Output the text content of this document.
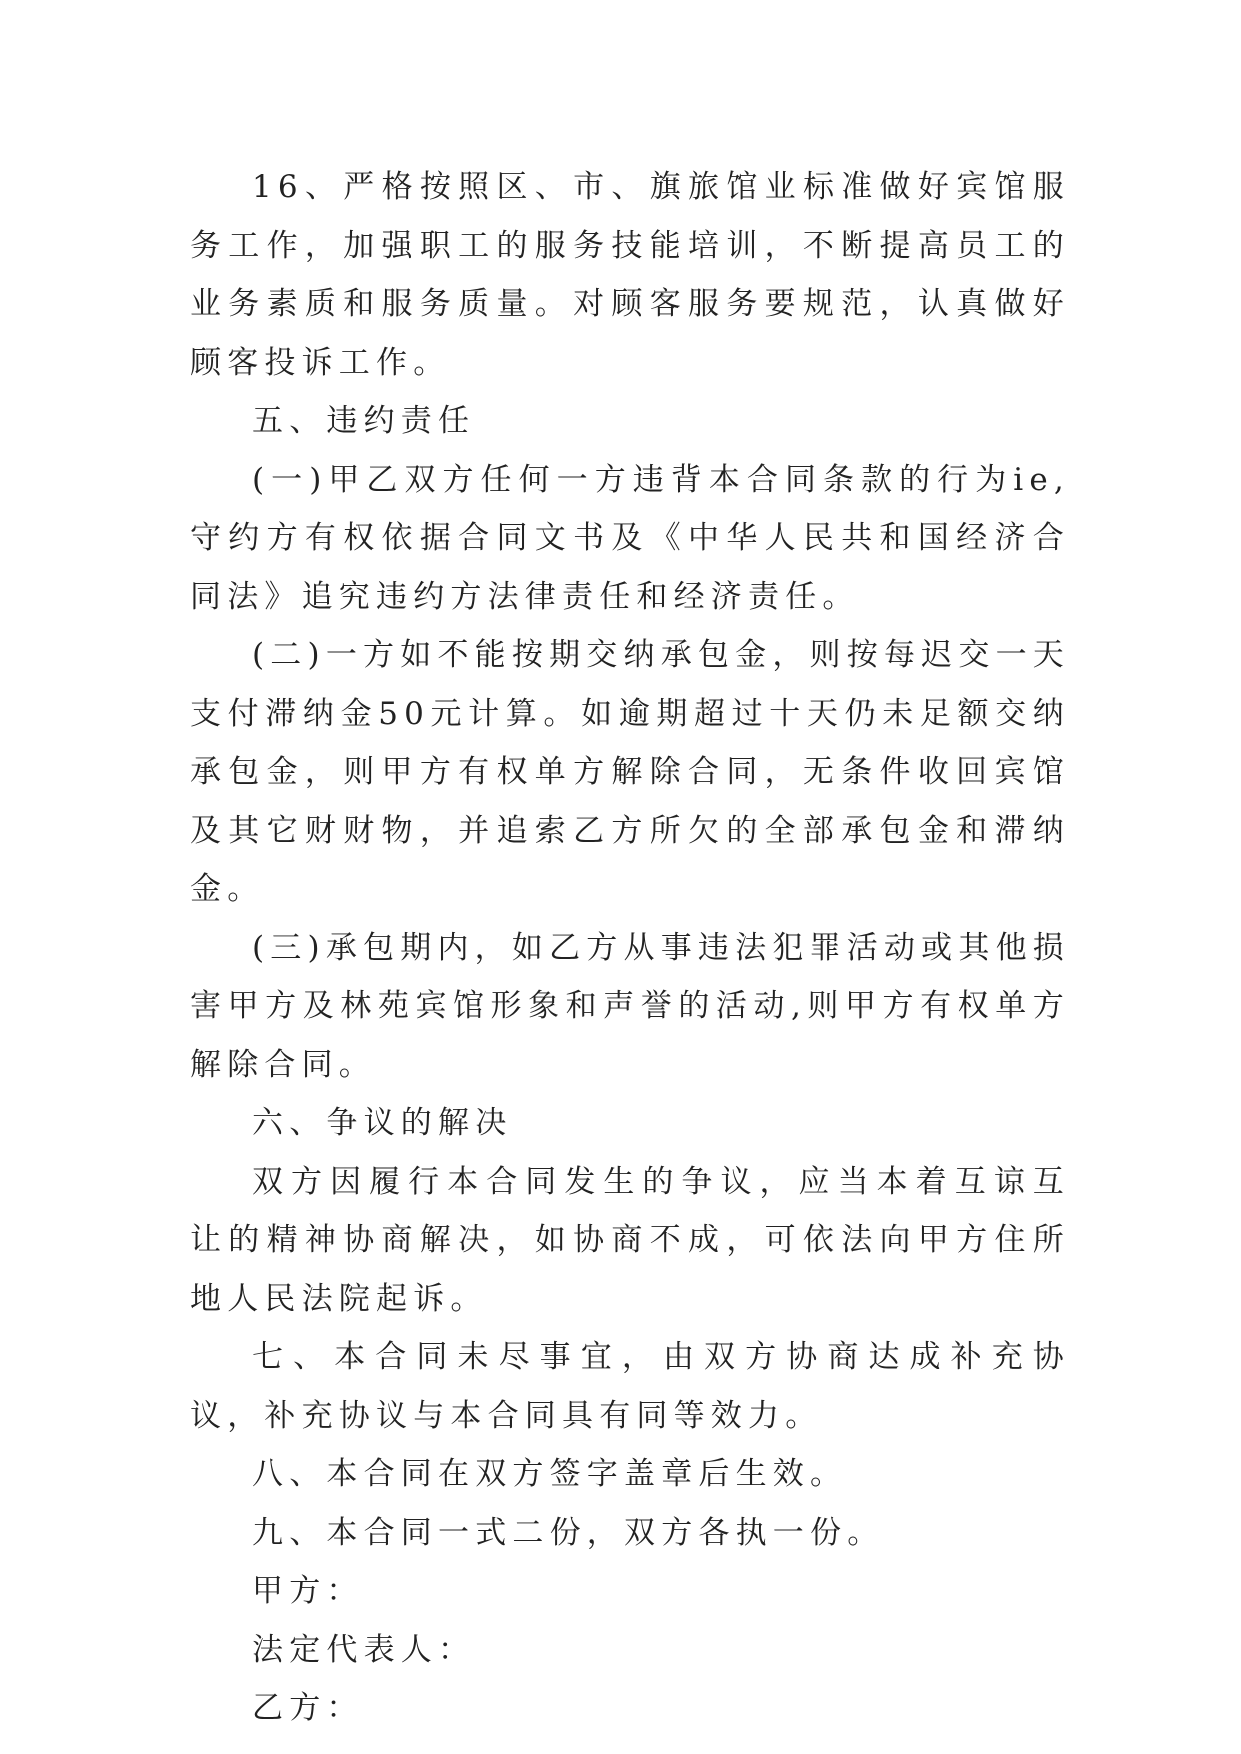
16、严格按照区、市、旗旅馆业标准做好宾馆服务工作，加强职工的服务技能培训，不断提高员工的业务素质和服务质量。对顾客服务要规范，认真做好顾客投诉工作。

五、违约责任

(一)甲乙双方任何一方违背本合同条款的行为ie,守约方有权依据合同文书及《中华人民共和国经济合同法》追究违约方法律责任和经济责任。

(二)一方如不能按期交纳承包金，则按每迟交一天支付滞纳金50元计算。如逾期超过十天仍未足额交纳承包金，则甲方有权单方解除合同，无条件收回宾馆及其它财财物，并追索乙方所欠的全部承包金和滞纳金。

(三)承包期内，如乙方从事违法犯罪活动或其他损害甲方及林苑宾馆形象和声誉的活动,则甲方有权单方解除合同。

六、争议的解决

双方因履行本合同发生的争议，应当本着互谅互让的精神协商解决，如协商不成，可依法向甲方住所地人民法院起诉。

七、本合同未尽事宜，由双方协商达成补充协议，补充协议与本合同具有同等效力。

八、本合同在双方签字盖章后生效。

九、本合同一式二份，双方各执一份。

甲方：

法定代表人：

乙方：
